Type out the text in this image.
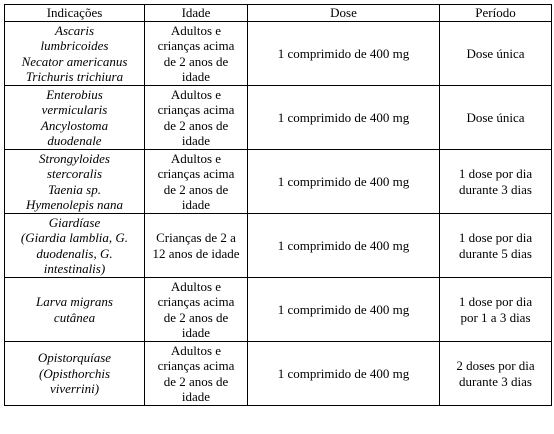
Indicações	Idade	Dose	Período

Ascaris
lumbricoides
Necator americanus
Trichuris trichiura	Adultos e
crianças acima
de 2 anos de
idade	1 comprimido de 400 mg	Dose única

Enterobius
vermicularis
Ancylostoma
duodenale	Adultos e
crianças acima
de 2 anos de
idade	1 comprimido de 400 mg	Dose única

Strongyloides
stercoralis
Taenia sp.
Hymenolepis nana	Adultos e
crianças acima
de 2 anos de
idade	1 comprimido de 400 mg	1 dose por dia
durante 3 dias

Giardíase
(Giardia lamblia, G.
duodenalis, G.
intestinalis)	Crianças de 2 a
12 anos de idade	1 comprimido de 400 mg	1 dose por dia
durante 5 dias

Larva migrans
cutânea	Adultos e
crianças acima
de 2 anos de
idade	1 comprimido de 400 mg	1 dose por dia
por 1 a 3 dias

Opistorquíase
(Opisthorchis
viverrini)	Adultos e
crianças acima
de 2 anos de
idade	1 comprimido de 400 mg	2 doses por dia
durante 3 dias
